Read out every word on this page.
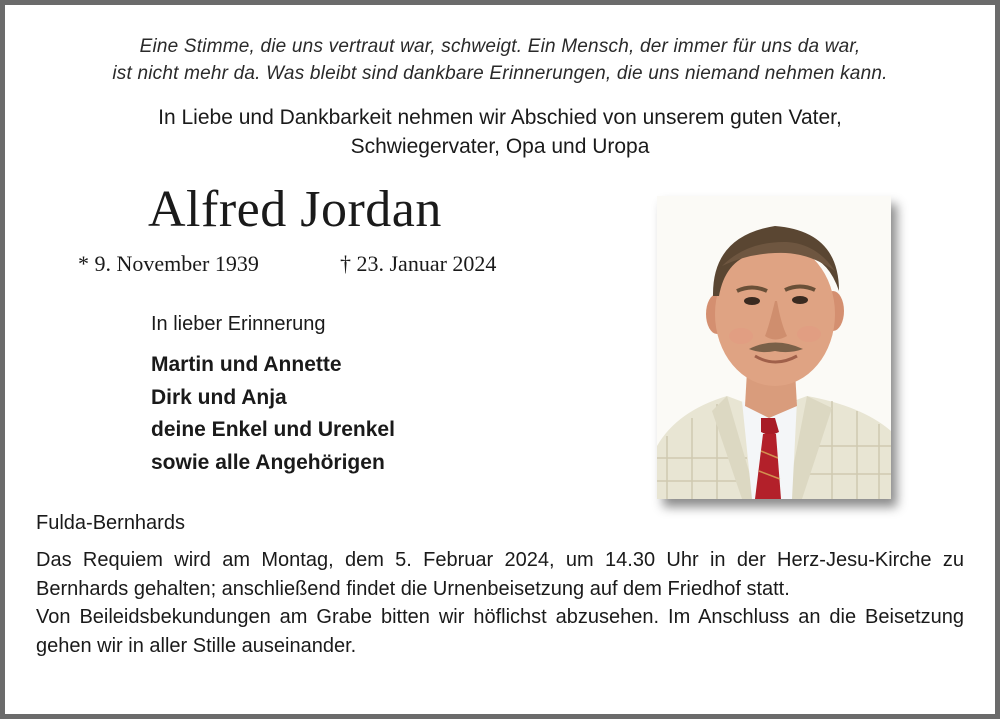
Eine Stimme, die uns vertraut war, schweigt. Ein Mensch, der immer für uns da war,
ist nicht mehr da. Was bleibt sind dankbare Erinnerungen, die uns niemand nehmen kann.
In Liebe und Dankbarkeit nehmen wir Abschied von unserem guten Vater,
Schwiegervater, Opa und Uropa
Alfred Jordan
* 9. November 1939	† 23. Januar 2024
In lieber Erinnerung
Martin und Annette
Dirk und Anja
deine Enkel und Urenkel
sowie alle Angehörigen
Fulda-Bernhards

Das Requiem wird am Montag, dem 5. Februar 2024, um 14.30 Uhr in der Herz-Jesu-Kirche zu Bernhards gehalten; anschließend findet die Urnenbeisetzung auf dem Friedhof statt.

Von Beileidsbekundungen am Grabe bitten wir höflichst abzusehen. Im Anschluss an die Beisetzung gehen wir in aller Stille auseinander.
